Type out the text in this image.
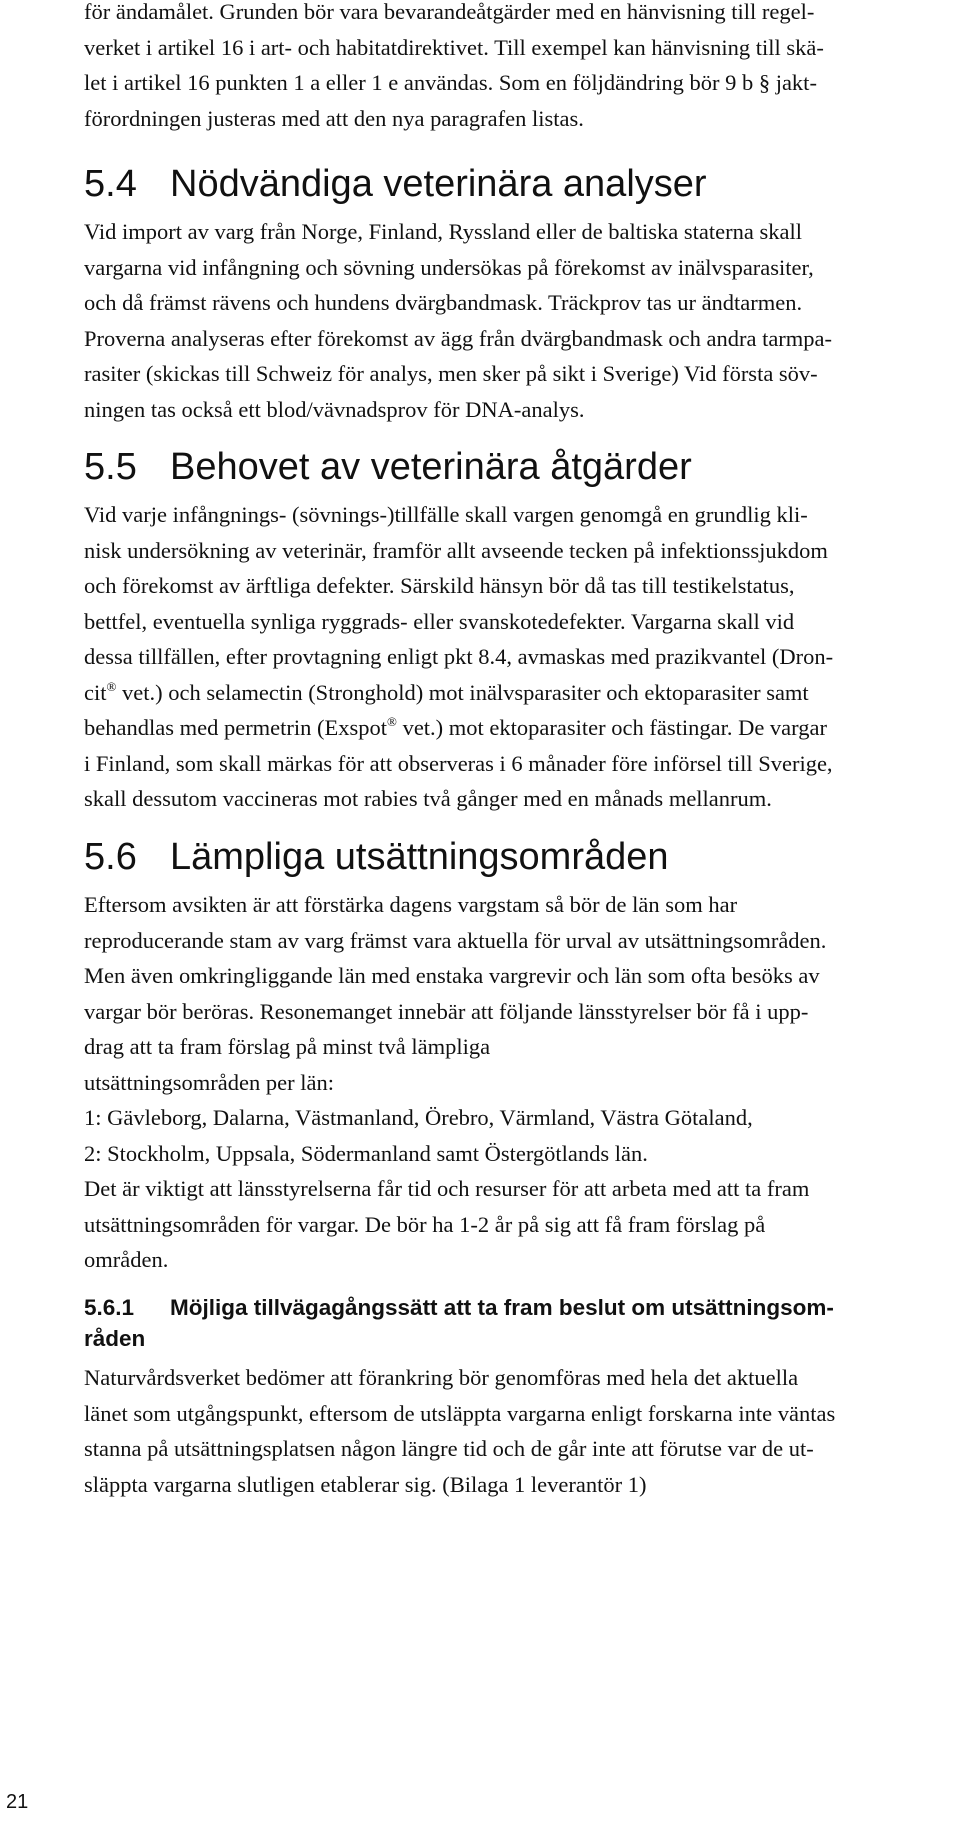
för ändamålet. Grunden bör vara bevarandeåtgärder med en hänvisning till regel-
verket i artikel 16 i art- och habitatdirektivet. Till exempel kan hänvisning till skä-
let i artikel 16 punkten 1 a eller 1 e användas. Som en följdändring bör 9 b § jakt-
förordningen justeras med att den nya paragrafen listas.
5.4 Nödvändiga veterinära analyser
Vid import av varg från Norge, Finland, Ryssland eller de baltiska staterna skall
vargarna vid infångning och sövning undersökas på förekomst av inälvsparasiter,
och då främst rävens och hundens dvärgbandmask. Träckprov tas ur ändtarmen.
Proverna analyseras efter förekomst av ägg från dvärgbandmask och andra tarmpa-
rasiter (skickas till Schweiz för analys, men sker på sikt i Sverige) Vid första söv-
ningen tas också ett blod/vävnadsprov för DNA-analys.
5.5 Behovet av veterinära åtgärder
Vid varje infångnings- (sövnings-)tillfälle skall vargen genomgå en grundlig kli-
nisk undersökning av veterinär, framför allt avseende tecken på infektionssjukdom
och förekomst av ärftliga defekter. Särskild hänsyn bör då tas till testikelstatus,
bettfel, eventuella synliga ryggrads- eller svanskotedefekter. Vargarna skall vid
dessa tillfällen, efter provtagning enligt pkt 8.4, avmaskas med prazikvantel (Dron-
cit® vet.) och selamectin (Stronghold) mot inälvsparasiter och ektoparasiter samt
behandlas med permetrin (Exspot® vet.) mot ektoparasiter och fästingar. De vargar
i Finland, som skall märkas för att observeras i 6 månader före införsel till Sverige,
skall dessutom vaccineras mot rabies två gånger med en månads mellanrum.
5.6 Lämpliga utsättningsområden
Eftersom avsikten är att förstärka dagens vargstam så bör de län som har
reproducerande stam av varg främst vara aktuella för urval av utsättningsområden.
Men även omkringliggande län med enstaka vargrevir och län som ofta besöks av
vargar bör beröras. Resonemanget innebär att följande länsstyrelser bör få i upp-
drag att ta fram förslag på minst två lämpliga
utsättningsområden per län:
1: Gävleborg, Dalarna, Västmanland, Örebro, Värmland, Västra Götaland,
2: Stockholm, Uppsala, Södermanland samt Östergötlands län.
Det är viktigt att länsstyrelserna får tid och resurser för att arbeta med att ta fram
utsättningsområden för vargar. De bör ha 1-2 år på sig att få fram förslag på
områden.
5.6.1 Möjliga tillvägagångssätt att ta fram beslut om utsättningsom-
råden
Naturvårdsverket bedömer att förankring bör genomföras med hela det aktuella
länet som utgångspunkt, eftersom de utsläppta vargarna enligt forskarna inte väntas
stanna på utsättningsplatsen någon längre tid och de går inte att förutse var de ut-
släppta vargarna slutligen etablerar sig. (Bilaga 1 leverantör 1)
21
